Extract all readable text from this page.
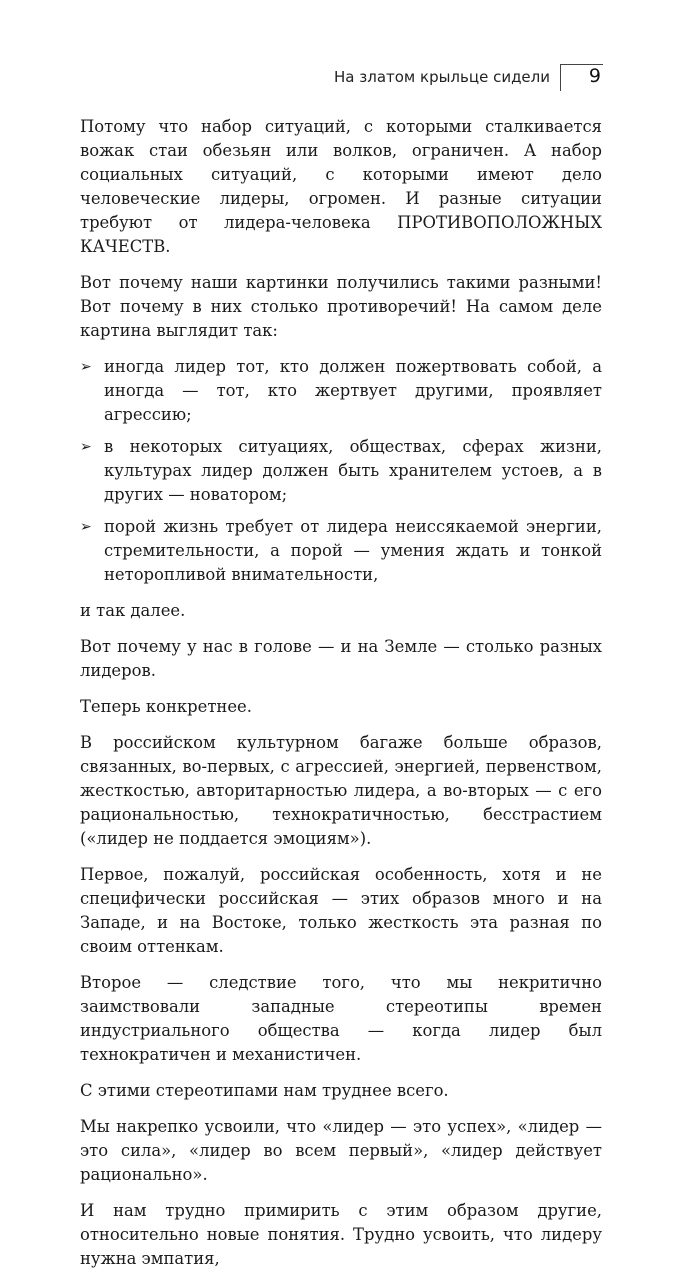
На златом крыльце сидели 9

Потому что набор ситуаций, с которыми сталкивается вожак стаи обезьян или волков, ограничен. А набор социальных ситуаций, с которыми имеют дело человеческие лидеры, огромен. И разные ситуации требуют от лидера-человека ПРОТИВОПОЛОЖНЫХ КАЧЕСТВ.

Вот почему наши картинки получились такими разными! Вот почему в них столько противоречий! На самом деле картина выглядит так:

➢ иногда лидер тот, кто должен пожертвовать собой, а иногда — тот, кто жертвует другими, проявляет агрессию;
➢ в некоторых ситуациях, обществах, сферах жизни, культурах лидер должен быть хранителем устоев, а в других — новатором;
➢ порой жизнь требует от лидера неиссякаемой энергии, стремительности, а порой — умения ждать и тонкой неторопливой внимательности,

и так далее.

Вот почему у нас в голове — и на Земле — столько разных лидеров.

Теперь конкретнее.

В российском культурном багаже больше образов, связанных, во-первых, с агрессией, энергией, первенством, жесткостью, авторитарностью лидера, а во-вторых — с его рациональностью, технократичностью, бесстрастием («лидер не поддается эмоциям»).

Первое, пожалуй, российская особенность, хотя и не специфически российская — этих образов много и на Западе, и на Востоке, только жесткость эта разная по своим оттенкам.

Второе — следствие того, что мы некритично заимствовали западные стереотипы времен индустриального общества — когда лидер был технократичен и механистичен.

С этими стереотипами нам труднее всего.

Мы накрепко усвоили, что «лидер — это успех», «лидер — это сила», «лидер во всем первый», «лидер действует рационально».

И нам трудно примирить с этим образом другие, относительно новые понятия. Трудно усвоить, что лидеру нужна эмпатия,
